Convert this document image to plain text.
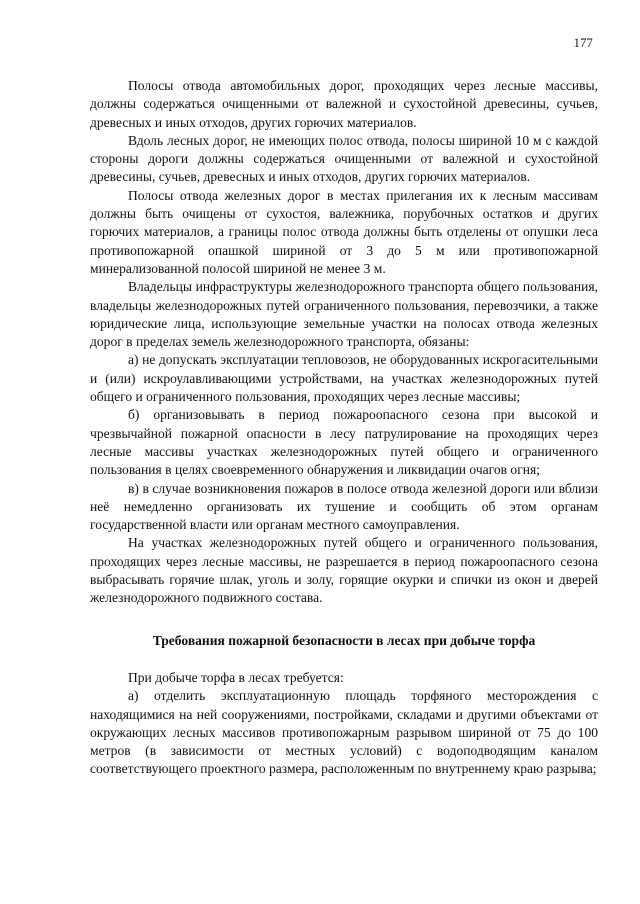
177

Полосы отвода автомобильных дорог, проходящих через лесные массивы, должны содержаться очищенными от валежной и сухостойной древесины, сучьев, древесных и иных отходов, других горючих материалов.

Вдоль лесных дорог, не имеющих полос отвода, полосы шириной 10 м с каждой стороны дороги должны содержаться очищенными от валежной и сухостойной древесины, сучьев, древесных и иных отходов, других горючих материалов.

Полосы отвода железных дорог в местах прилегания их к лесным массивам должны быть очищены от сухостоя, валежника, порубочных остатков и других горючих материалов, а границы полос отвода должны быть отделены от опушки леса противопожарной опашкой шириной от 3 до 5 м или противопожарной минерализованной полосой шириной не менее 3 м.

Владельцы инфраструктуры железнодорожного транспорта общего пользования, владельцы железнодорожных путей ограниченного пользования, перевозчики, а также юридические лица, использующие земельные участки на полосах отвода железных дорог в пределах земель железнодорожного транспорта, обязаны:

а) не допускать эксплуатации тепловозов, не оборудованных искрогасительными и (или) искроулавливающими устройствами, на участках железнодорожных путей общего и ограниченного пользования, проходящих через лесные массивы;

б) организовывать в период пожароопасного сезона при высокой и чрезвычайной пожарной опасности в лесу патрулирование на проходящих через лесные массивы участках железнодорожных путей общего и ограниченного пользования в целях своевременного обнаружения и ликвидации очагов огня;

в) в случае возникновения пожаров в полосе отвода железной дороги или вблизи неё немедленно организовать их тушение и сообщить об этом органам государственной власти или органам местного самоуправления.

На участках железнодорожных путей общего и ограниченного пользования, проходящих через лесные массивы, не разрешается в период пожароопасного сезона выбрасывать горячие шлак, уголь и золу, горящие окурки и спички из окон и дверей железнодорожного подвижного состава.

Требования пожарной безопасности в лесах при добыче торфа

При добыче торфа в лесах требуется:

а) отделить эксплуатационную площадь торфяного месторождения с находящимися на ней сооружениями, постройками, складами и другими объектами от окружающих лесных массивов противопожарным разрывом шириной от 75 до 100 метров (в зависимости от местных условий) с водоподводящим каналом соответствующего проектного размера, расположенным по внутреннему краю разрыва;
